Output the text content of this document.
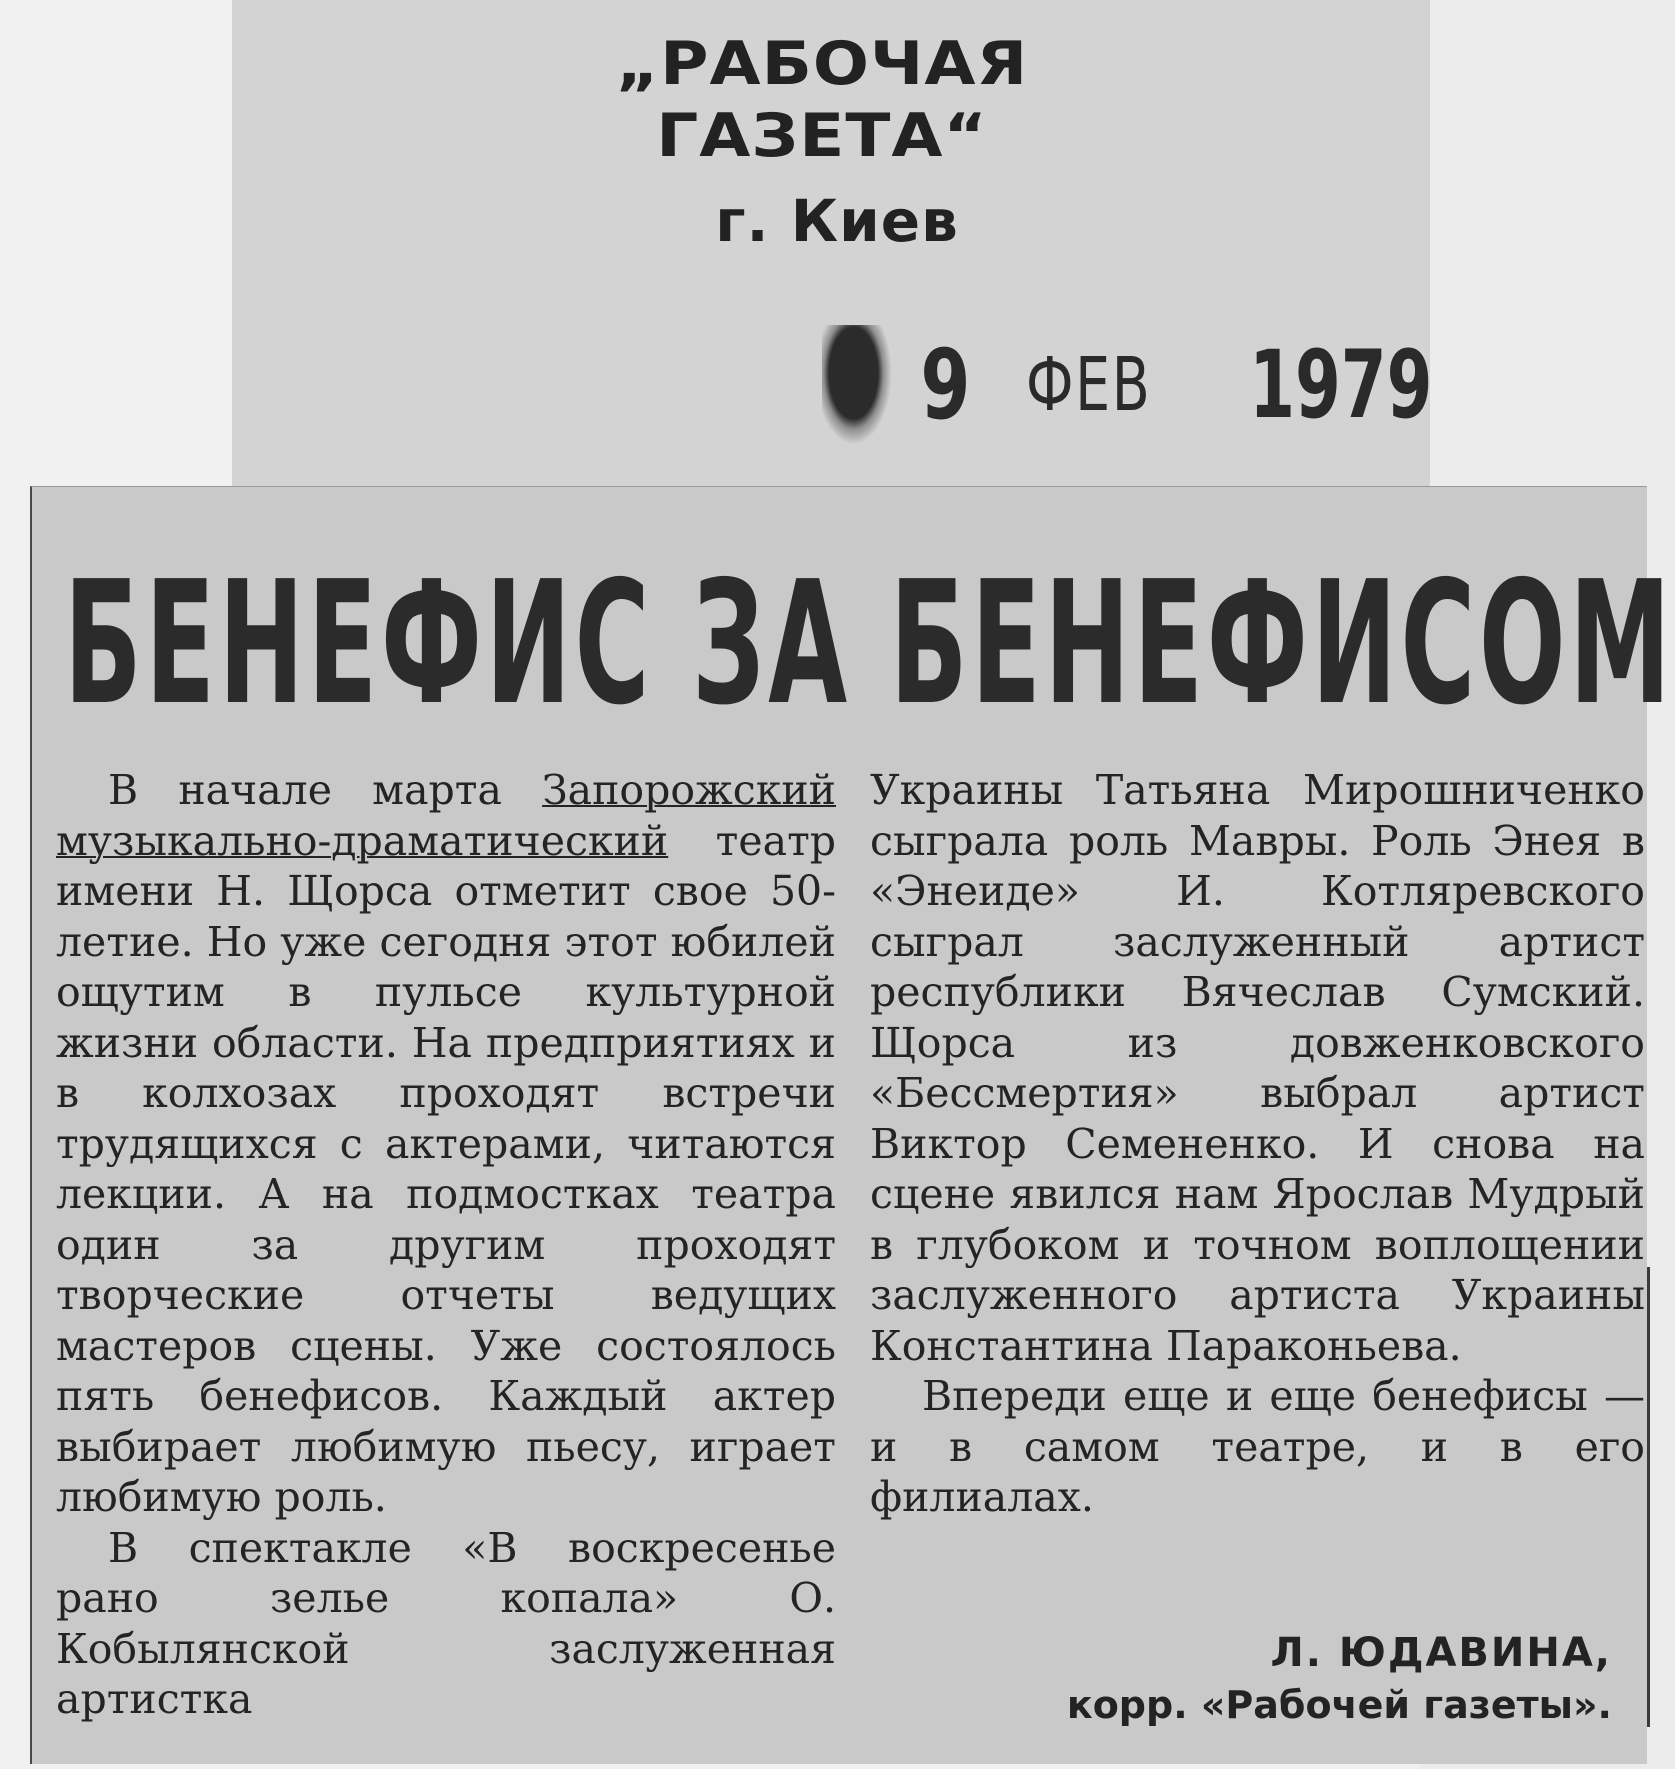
„РАБОЧАЯ ГАЗЕТА“
г. Киев
9 ФЕВ 1979
БЕНЕФИС ЗА БЕНЕФИСОМ

В начале марта Запорожский музыкально-драматический театр имени Н. Щорса отметит свое 50-летие. Но уже сегодня этот юбилей ощутим в пульсе культурной жизни области. На предприятиях и в колхозах проходят встречи трудящихся с актерами, читаются лекции. А на подмостках театра один за другим проходят творческие отчеты ведущих мастеров сцены. Уже состоялось пять бенефисов. Каждый актер выбирает любимую пьесу, играет любимую роль.

В спектакле «В воскресенье рано зелье копала» О. Кобылянской заслуженная артистка

Украины Татьяна Мирошниченко сыграла роль Мавры. Роль Энея в «Энеиде» И. Котляревского сыграл заслуженный артист республики Вячеслав Сумский. Щорса из довженковского «Бессмертия» выбрал артист Виктор Семененко. И снова на сцене явился нам Ярослав Мудрый в глубоком и точном воплощении заслуженного артиста Украины Константина Параконьева.

Впереди еще и еще бенефисы — и в самом театре, и в его филиалах.

Л. ЮДАВИНА,
корр. «Рабочей газеты».
